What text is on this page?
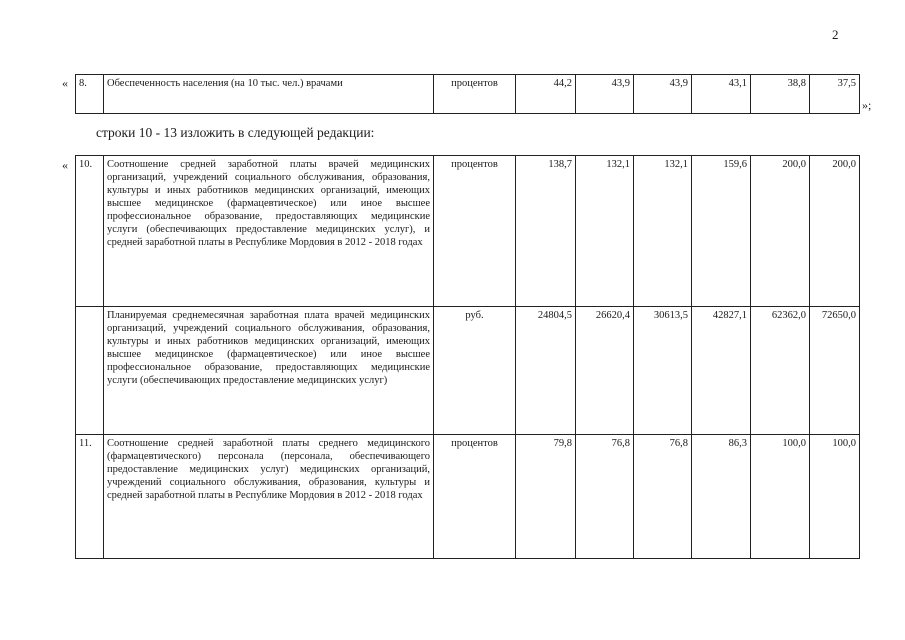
2
« 8.	Обеспеченность населения (на 10 тыс. чел.) врачами	процентов	44,2	43,9	43,9	43,1	38,8	37,5
»;
строки 10 - 13 изложить в следующей редакции:
« 10.	Соотношение средней заработной платы врачей медицинских организаций, учреждений социального обслуживания, образования, культуры и иных работников медицинских организаций, имеющих высшее медицинское (фармацевтическое) или иное высшее профессиональное образование, предоставляющих медицинские услуги (обеспечивающих предоставление медицинских услуг), и средней заработной платы в Республике Мордовия в 2012 - 2018 годах	процентов	138,7	132,1	132,1	159,6	200,0	200,0
	Планируемая среднемесячная заработная плата врачей медицинских организаций, учреждений социального обслуживания, образования, культуры и иных работников медицинских организаций, имеющих высшее медицинское (фармацевтическое) или иное высшее профессиональное образование, предоставляющих медицинские услуги (обеспечивающих предоставление медицинских услуг)	руб.	24804,5	26620,4	30613,5	42827,1	62362,0	72650,0
11.	Соотношение средней заработной платы среднего медицинского (фармацевтического) персонала (персонала, обеспечивающего предоставление медицинских услуг) медицинских организаций, учреждений социального обслуживания, образования, культуры и средней заработной платы в Республике Мордовия в 2012 - 2018 годах	процентов	79,8	76,8	76,8	86,3	100,0	100,0
